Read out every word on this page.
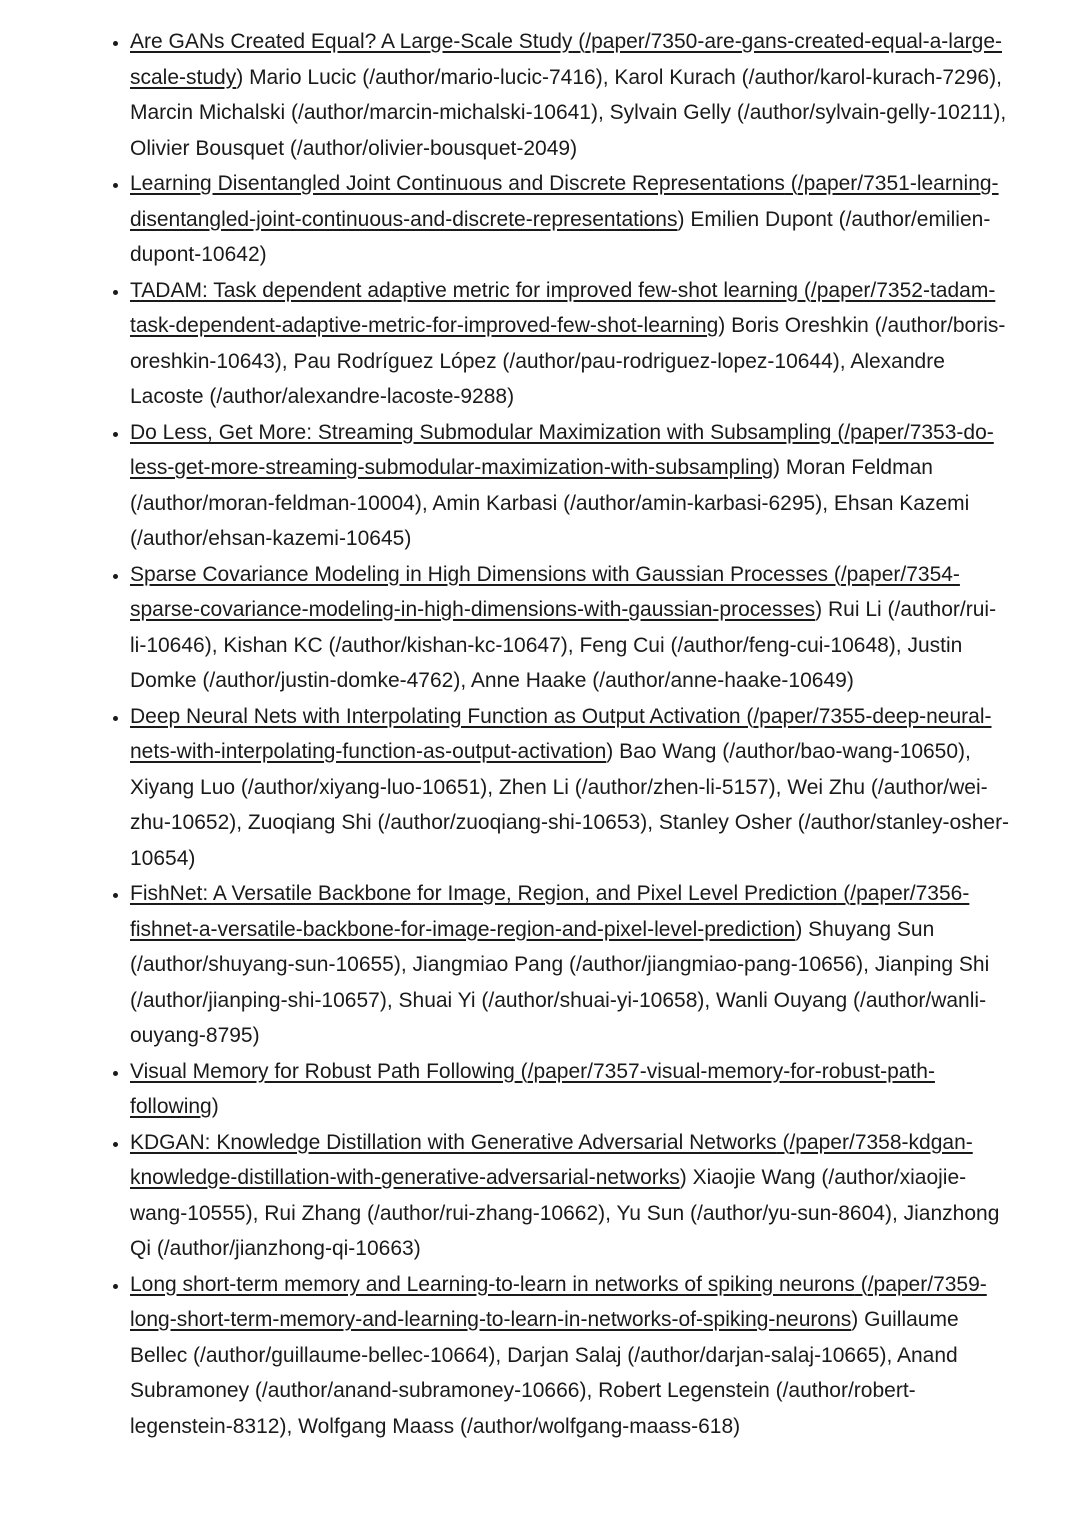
• Are GANs Created Equal? A Large-Scale Study (/paper/7350-are-gans-created-equal-a-large-scale-study) Mario Lucic (/author/mario-lucic-7416), Karol Kurach (/author/karol-kurach-7296), Marcin Michalski (/author/marcin-michalski-10641), Sylvain Gelly (/author/sylvain-gelly-10211), Olivier Bousquet (/author/olivier-bousquet-2049)
• Learning Disentangled Joint Continuous and Discrete Representations (/paper/7351-learning-disentangled-joint-continuous-and-discrete-representations) Emilien Dupont (/author/emilien-dupont-10642)
• TADAM: Task dependent adaptive metric for improved few-shot learning (/paper/7352-tadam-task-dependent-adaptive-metric-for-improved-few-shot-learning) Boris Oreshkin (/author/boris-oreshkin-10643), Pau Rodríguez López (/author/pau-rodriguez-lopez-10644), Alexandre Lacoste (/author/alexandre-lacoste-9288)
• Do Less, Get More: Streaming Submodular Maximization with Subsampling (/paper/7353-do-less-get-more-streaming-submodular-maximization-with-subsampling) Moran Feldman (/author/moran-feldman-10004), Amin Karbasi (/author/amin-karbasi-6295), Ehsan Kazemi (/author/ehsan-kazemi-10645)
• Sparse Covariance Modeling in High Dimensions with Gaussian Processes (/paper/7354-sparse-covariance-modeling-in-high-dimensions-with-gaussian-processes) Rui Li (/author/rui-li-10646), Kishan KC (/author/kishan-kc-10647), Feng Cui (/author/feng-cui-10648), Justin Domke (/author/justin-domke-4762), Anne Haake (/author/anne-haake-10649)
• Deep Neural Nets with Interpolating Function as Output Activation (/paper/7355-deep-neural-nets-with-interpolating-function-as-output-activation) Bao Wang (/author/bao-wang-10650), Xiyang Luo (/author/xiyang-luo-10651), Zhen Li (/author/zhen-li-5157), Wei Zhu (/author/wei-zhu-10652), Zuoqiang Shi (/author/zuoqiang-shi-10653), Stanley Osher (/author/stanley-osher-10654)
• FishNet: A Versatile Backbone for Image, Region, and Pixel Level Prediction (/paper/7356-fishnet-a-versatile-backbone-for-image-region-and-pixel-level-prediction) Shuyang Sun (/author/shuyang-sun-10655), Jiangmiao Pang (/author/jiangmiao-pang-10656), Jianping Shi (/author/jianping-shi-10657), Shuai Yi (/author/shuai-yi-10658), Wanli Ouyang (/author/wanli-ouyang-8795)
• Visual Memory for Robust Path Following (/paper/7357-visual-memory-for-robust-path-following)
• KDGAN: Knowledge Distillation with Generative Adversarial Networks (/paper/7358-kdgan-knowledge-distillation-with-generative-adversarial-networks) Xiaojie Wang (/author/xiaojie-wang-10555), Rui Zhang (/author/rui-zhang-10662), Yu Sun (/author/yu-sun-8604), Jianzhong Qi (/author/jianzhong-qi-10663)
• Long short-term memory and Learning-to-learn in networks of spiking neurons (/paper/7359-long-short-term-memory-and-learning-to-learn-in-networks-of-spiking-neurons) Guillaume Bellec (/author/guillaume-bellec-10664), Darjan Salaj (/author/darjan-salaj-10665), Anand Subramoney (/author/anand-subramoney-10666), Robert Legenstein (/author/robert-legenstein-8312), Wolfgang Maass (/author/wolfgang-maass-618)
